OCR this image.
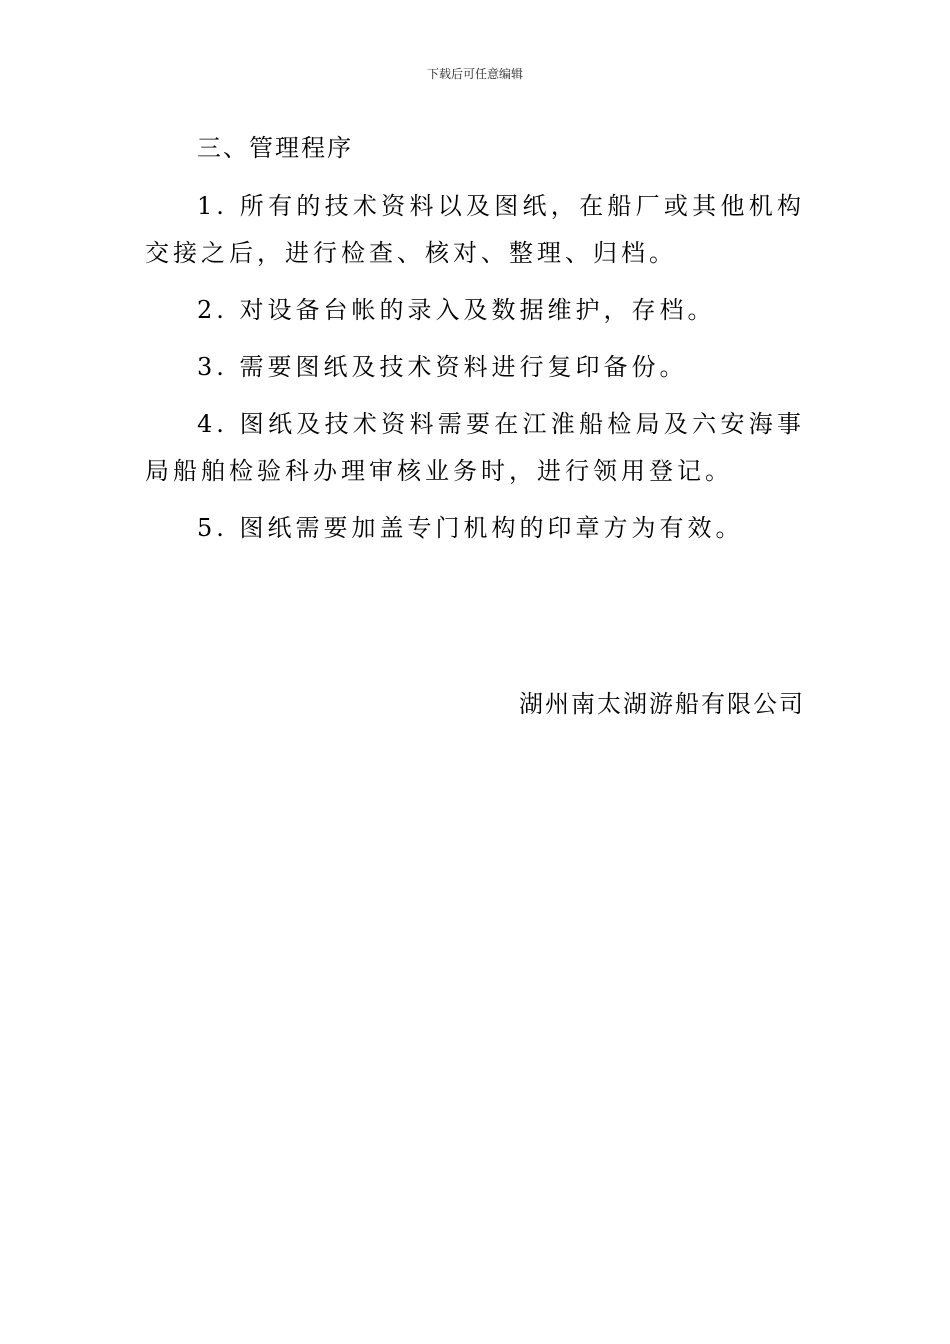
下载后可任意编辑
三、管理程序

1. 所有的技术资料以及图纸，在船厂或其他机构交接之后，进行检查、核对、整理、归档。

2. 对设备台帐的录入及数据维护，存档。

3. 需要图纸及技术资料进行复印备份。

4. 图纸及技术资料需要在江淮船检局及六安海事局船舶检验科办理审核业务时，进行领用登记。

5. 图纸需要加盖专门机构的印章方为有效。

湖州南太湖游船有限公司
